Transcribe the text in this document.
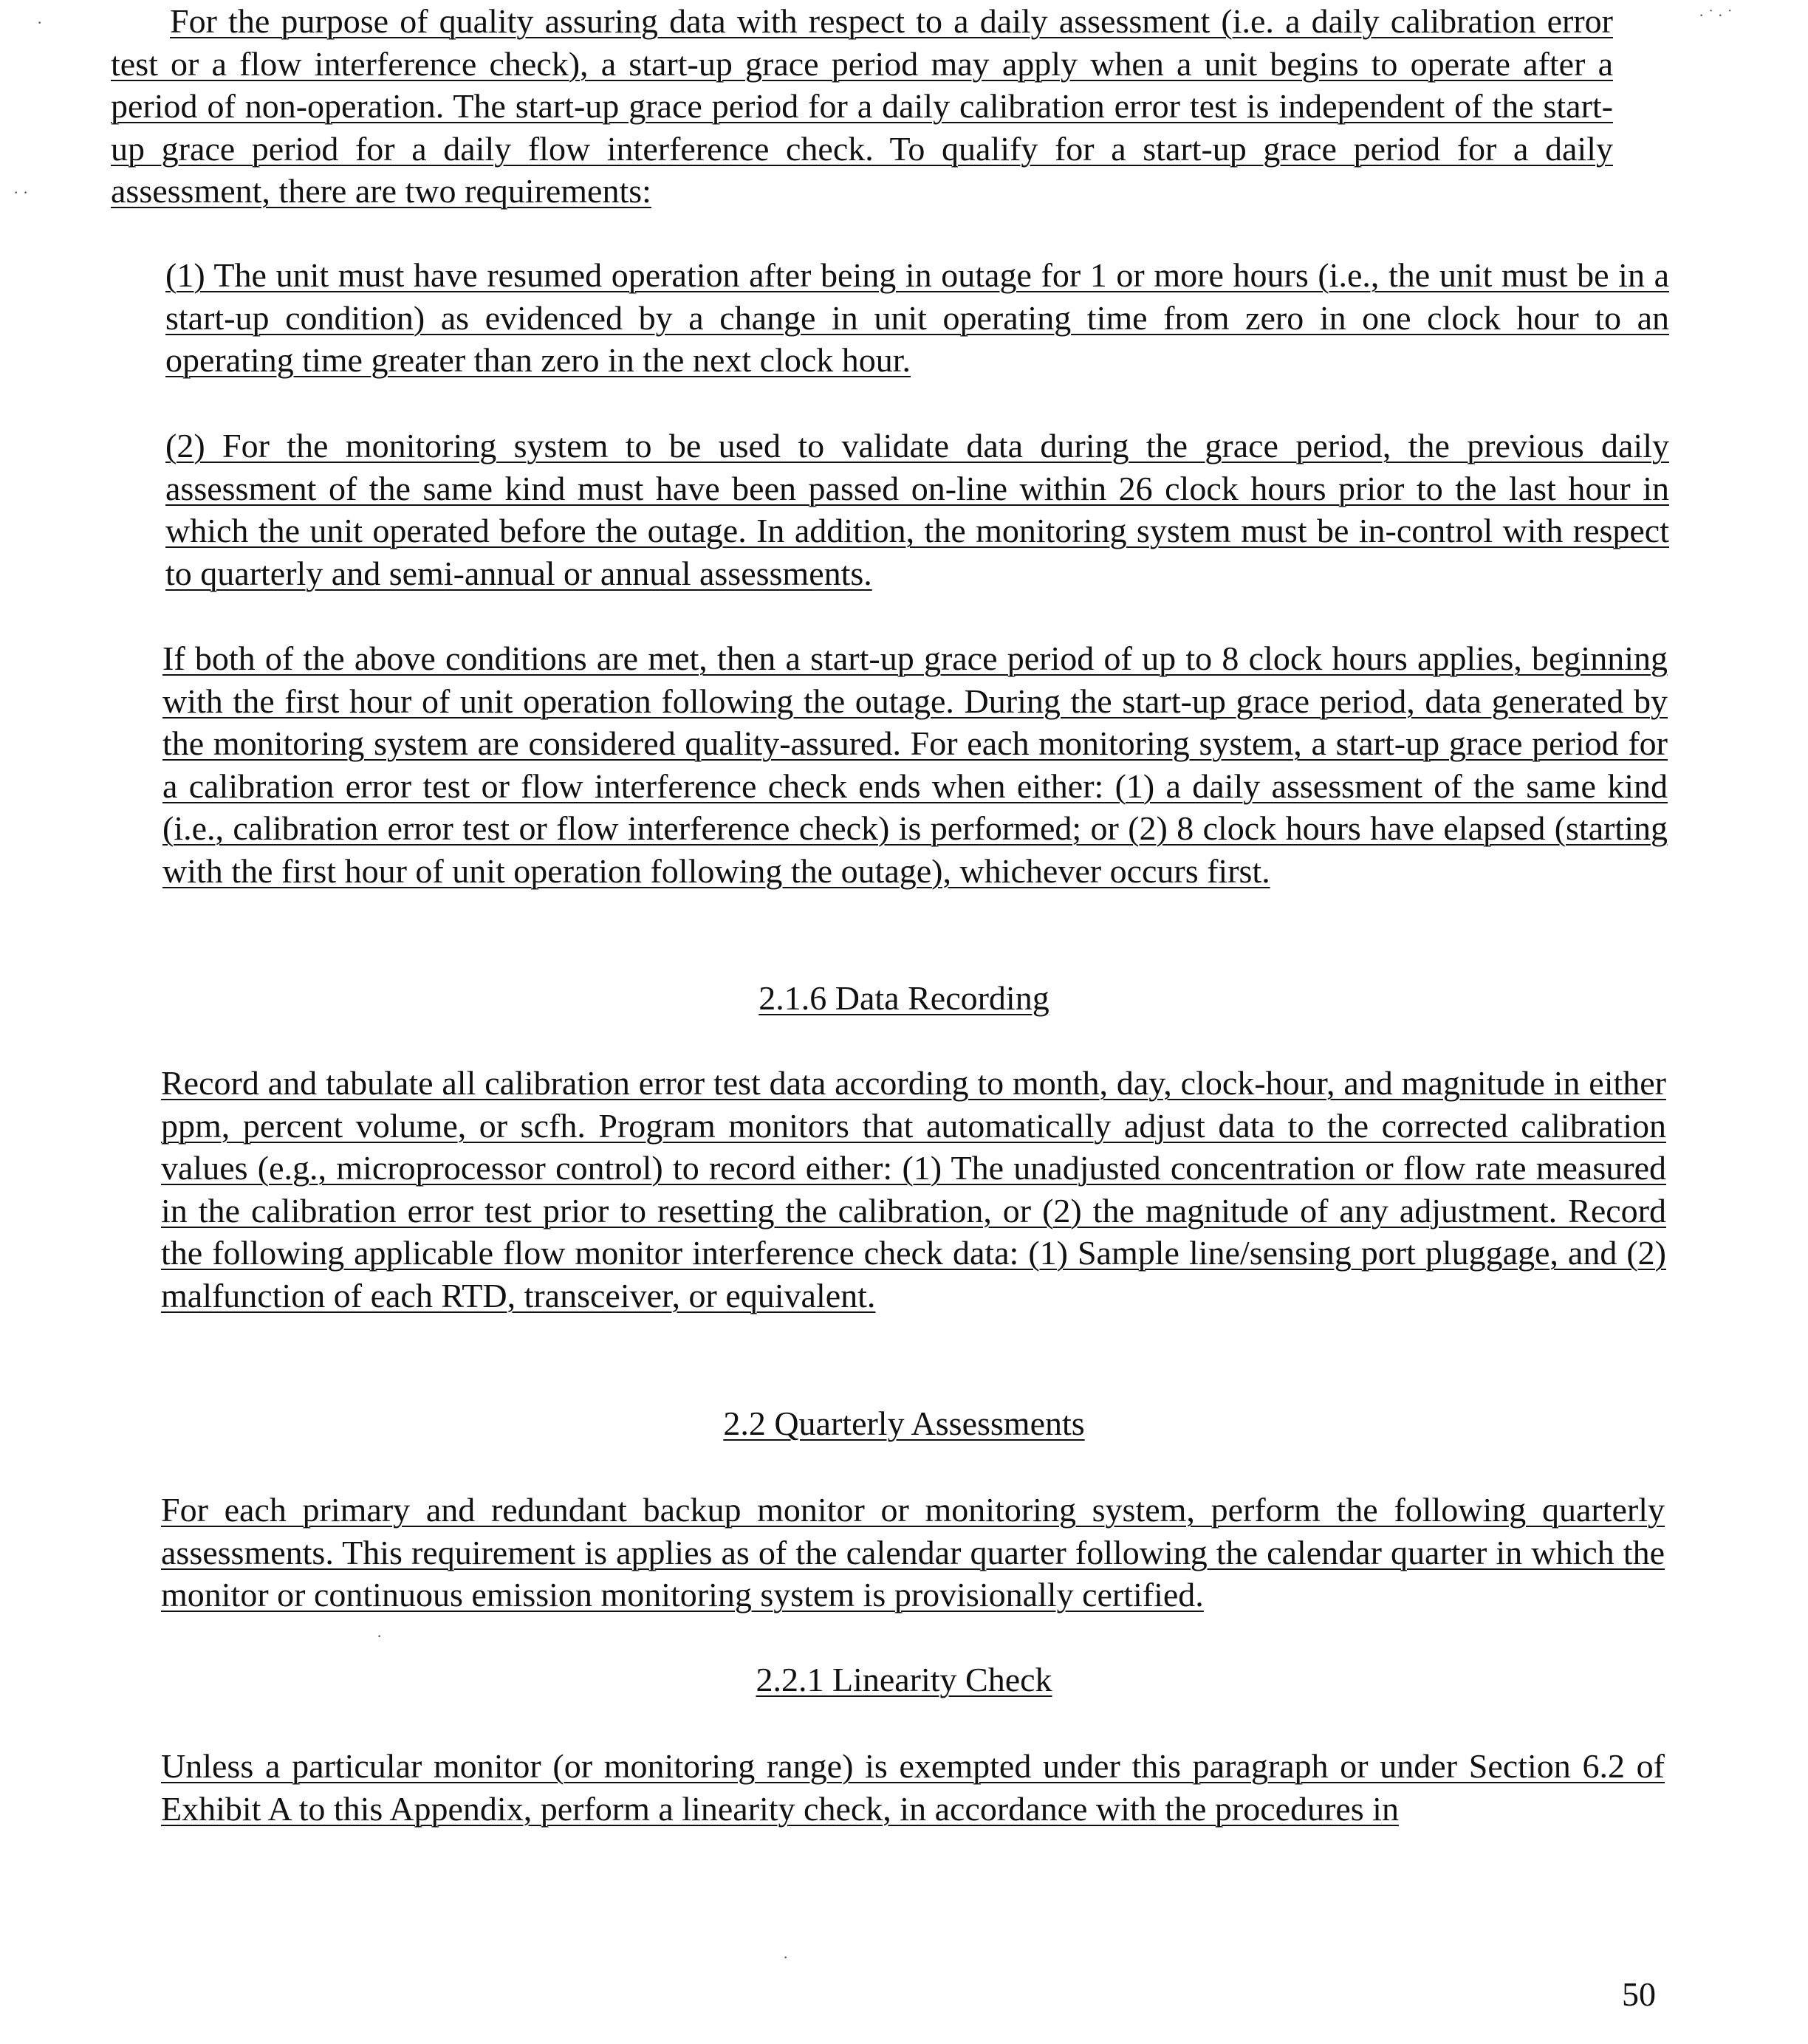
For the purpose of quality assuring data with respect to a daily assessment (i.e. a daily calibration error test or a flow interference check), a start-up grace period may apply when a unit begins to operate after a period of non-operation. The start-up grace period for a daily calibration error test is independent of the start-up grace period for a daily flow interference check. To qualify for a start-up grace period for a daily assessment, there are two requirements:
(1) The unit must have resumed operation after being in outage for 1 or more hours (i.e., the unit must be in a start-up condition) as evidenced by a change in unit operating time from zero in one clock hour to an operating time greater than zero in the next clock hour.
(2) For the monitoring system to be used to validate data during the grace period, the previous daily assessment of the same kind must have been passed on-line within 26 clock hours prior to the last hour in which the unit operated before the outage. In addition, the monitoring system must be in-control with respect to quarterly and semi-annual or annual assessments.
If both of the above conditions are met, then a start-up grace period of up to 8 clock hours applies, beginning with the first hour of unit operation following the outage. During the start-up grace period, data generated by the monitoring system are considered quality-assured. For each monitoring system, a start-up grace period for a calibration error test or flow interference check ends when either: (1) a daily assessment of the same kind (i.e., calibration error test or flow interference check) is performed; or (2) 8 clock hours have elapsed (starting with the first hour of unit operation following the outage), whichever occurs first.
2.1.6 Data Recording
Record and tabulate all calibration error test data according to month, day, clock-hour, and magnitude in either ppm, percent volume, or scfh. Program monitors that automatically adjust data to the corrected calibration values (e.g., microprocessor control) to record either: (1) The unadjusted concentration or flow rate measured in the calibration error test prior to resetting the calibration, or (2) the magnitude of any adjustment. Record the following applicable flow monitor interference check data: (1) Sample line/sensing port pluggage, and (2) malfunction of each RTD, transceiver, or equivalent.
2.2 Quarterly Assessments
For each primary and redundant backup monitor or monitoring system, perform the following quarterly assessments. This requirement is applies as of the calendar quarter following the calendar quarter in which the monitor or continuous emission monitoring system is provisionally certified.
2.2.1 Linearity Check
Unless a particular monitor (or monitoring range) is exempted under this paragraph or under Section 6.2 of Exhibit A to this Appendix, perform a linearity check, in accordance with the procedures in
50
· ˙ · ˙
·
· ·
·
·
